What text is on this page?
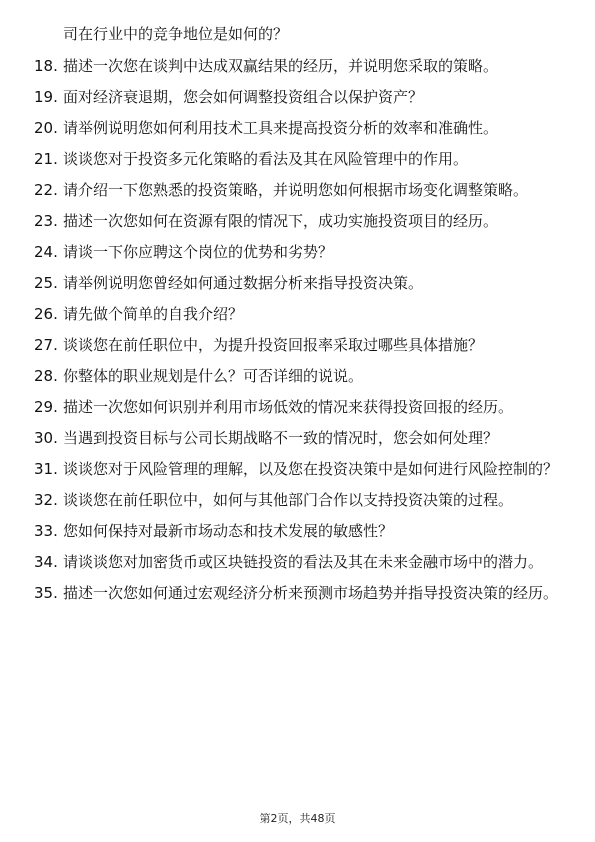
司在行业中的竞争地位是如何的？
18. 描述一次您在谈判中达成双赢结果的经历，并说明您采取的策略。
19. 面对经济衰退期，您会如何调整投资组合以保护资产？
20. 请举例说明您如何利用技术工具来提高投资分析的效率和准确性。
21. 谈谈您对于投资多元化策略的看法及其在风险管理中的作用。
22. 请介绍一下您熟悉的投资策略，并说明您如何根据市场变化调整策略。
23. 描述一次您如何在资源有限的情况下，成功实施投资项目的经历。
24. 请谈一下你应聘这个岗位的优势和劣势？
25. 请举例说明您曾经如何通过数据分析来指导投资决策。
26. 请先做个简单的自我介绍？
27. 谈谈您在前任职位中，为提升投资回报率采取过哪些具体措施？
28. 你整体的职业规划是什么？可否详细的说说。
29. 描述一次您如何识别并利用市场低效的情况来获得投资回报的经历。
30. 当遇到投资目标与公司长期战略不一致的情况时，您会如何处理？
31. 谈谈您对于风险管理的理解，以及您在投资决策中是如何进行风险控制的？
32. 谈谈您在前任职位中，如何与其他部门合作以支持投资决策的过程。
33. 您如何保持对最新市场动态和技术发展的敏感性？
34. 请谈谈您对加密货币或区块链投资的看法及其在未来金融市场中的潜力。
35. 描述一次您如何通过宏观经济分析来预测市场趋势并指导投资决策的经历。
第2页，共48页
